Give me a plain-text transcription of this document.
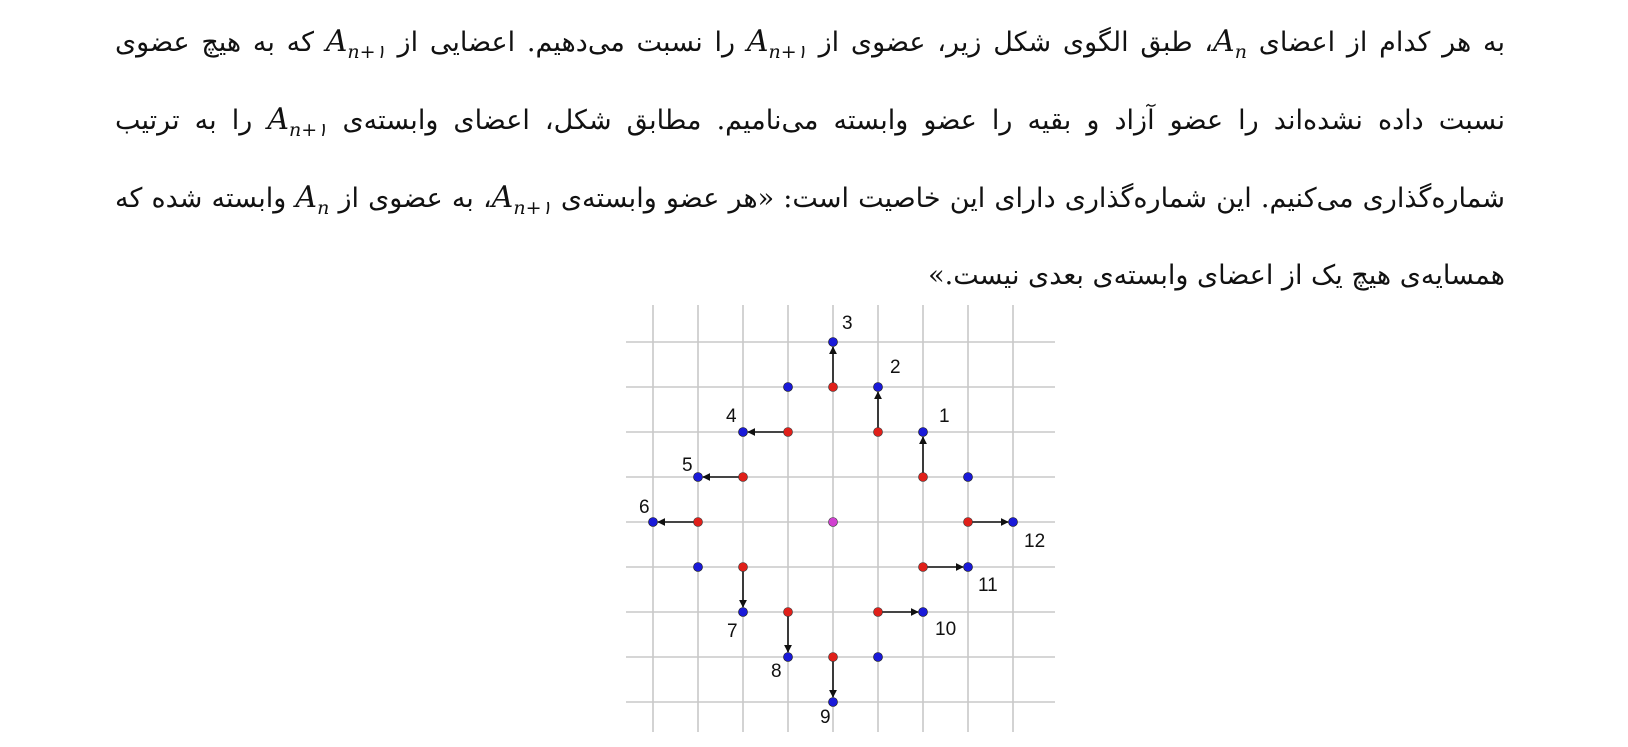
به هر کدام از اعضای $A_n،$ طبق الگوی شکل زیر، عضوی از $A_{n+۱}$ را نسبت می‌دهیم. اعضایی از $A_{n+۱}$ که به هیچ عضوی نسبت داده نشده‌اند را عضو آزاد و بقیه را عضو وابسته می‌نامیم. مطابق شکل، اعضای وابسته‌ی $A_{n+۱}$ را به ترتیب شماره‌گذاری می‌کنیم. این شماره‌گذاری دارای این خاصیت است: «هر عضو وابسته‌ی $A_{n+۱}،$ به عضوی از $A_n$ وابسته شده که همسایه‌ی هیچ یک از اعضای وابسته‌ی بعدی نیست.»
1
2
3
4
5
6
7
8
9
10
11
12
